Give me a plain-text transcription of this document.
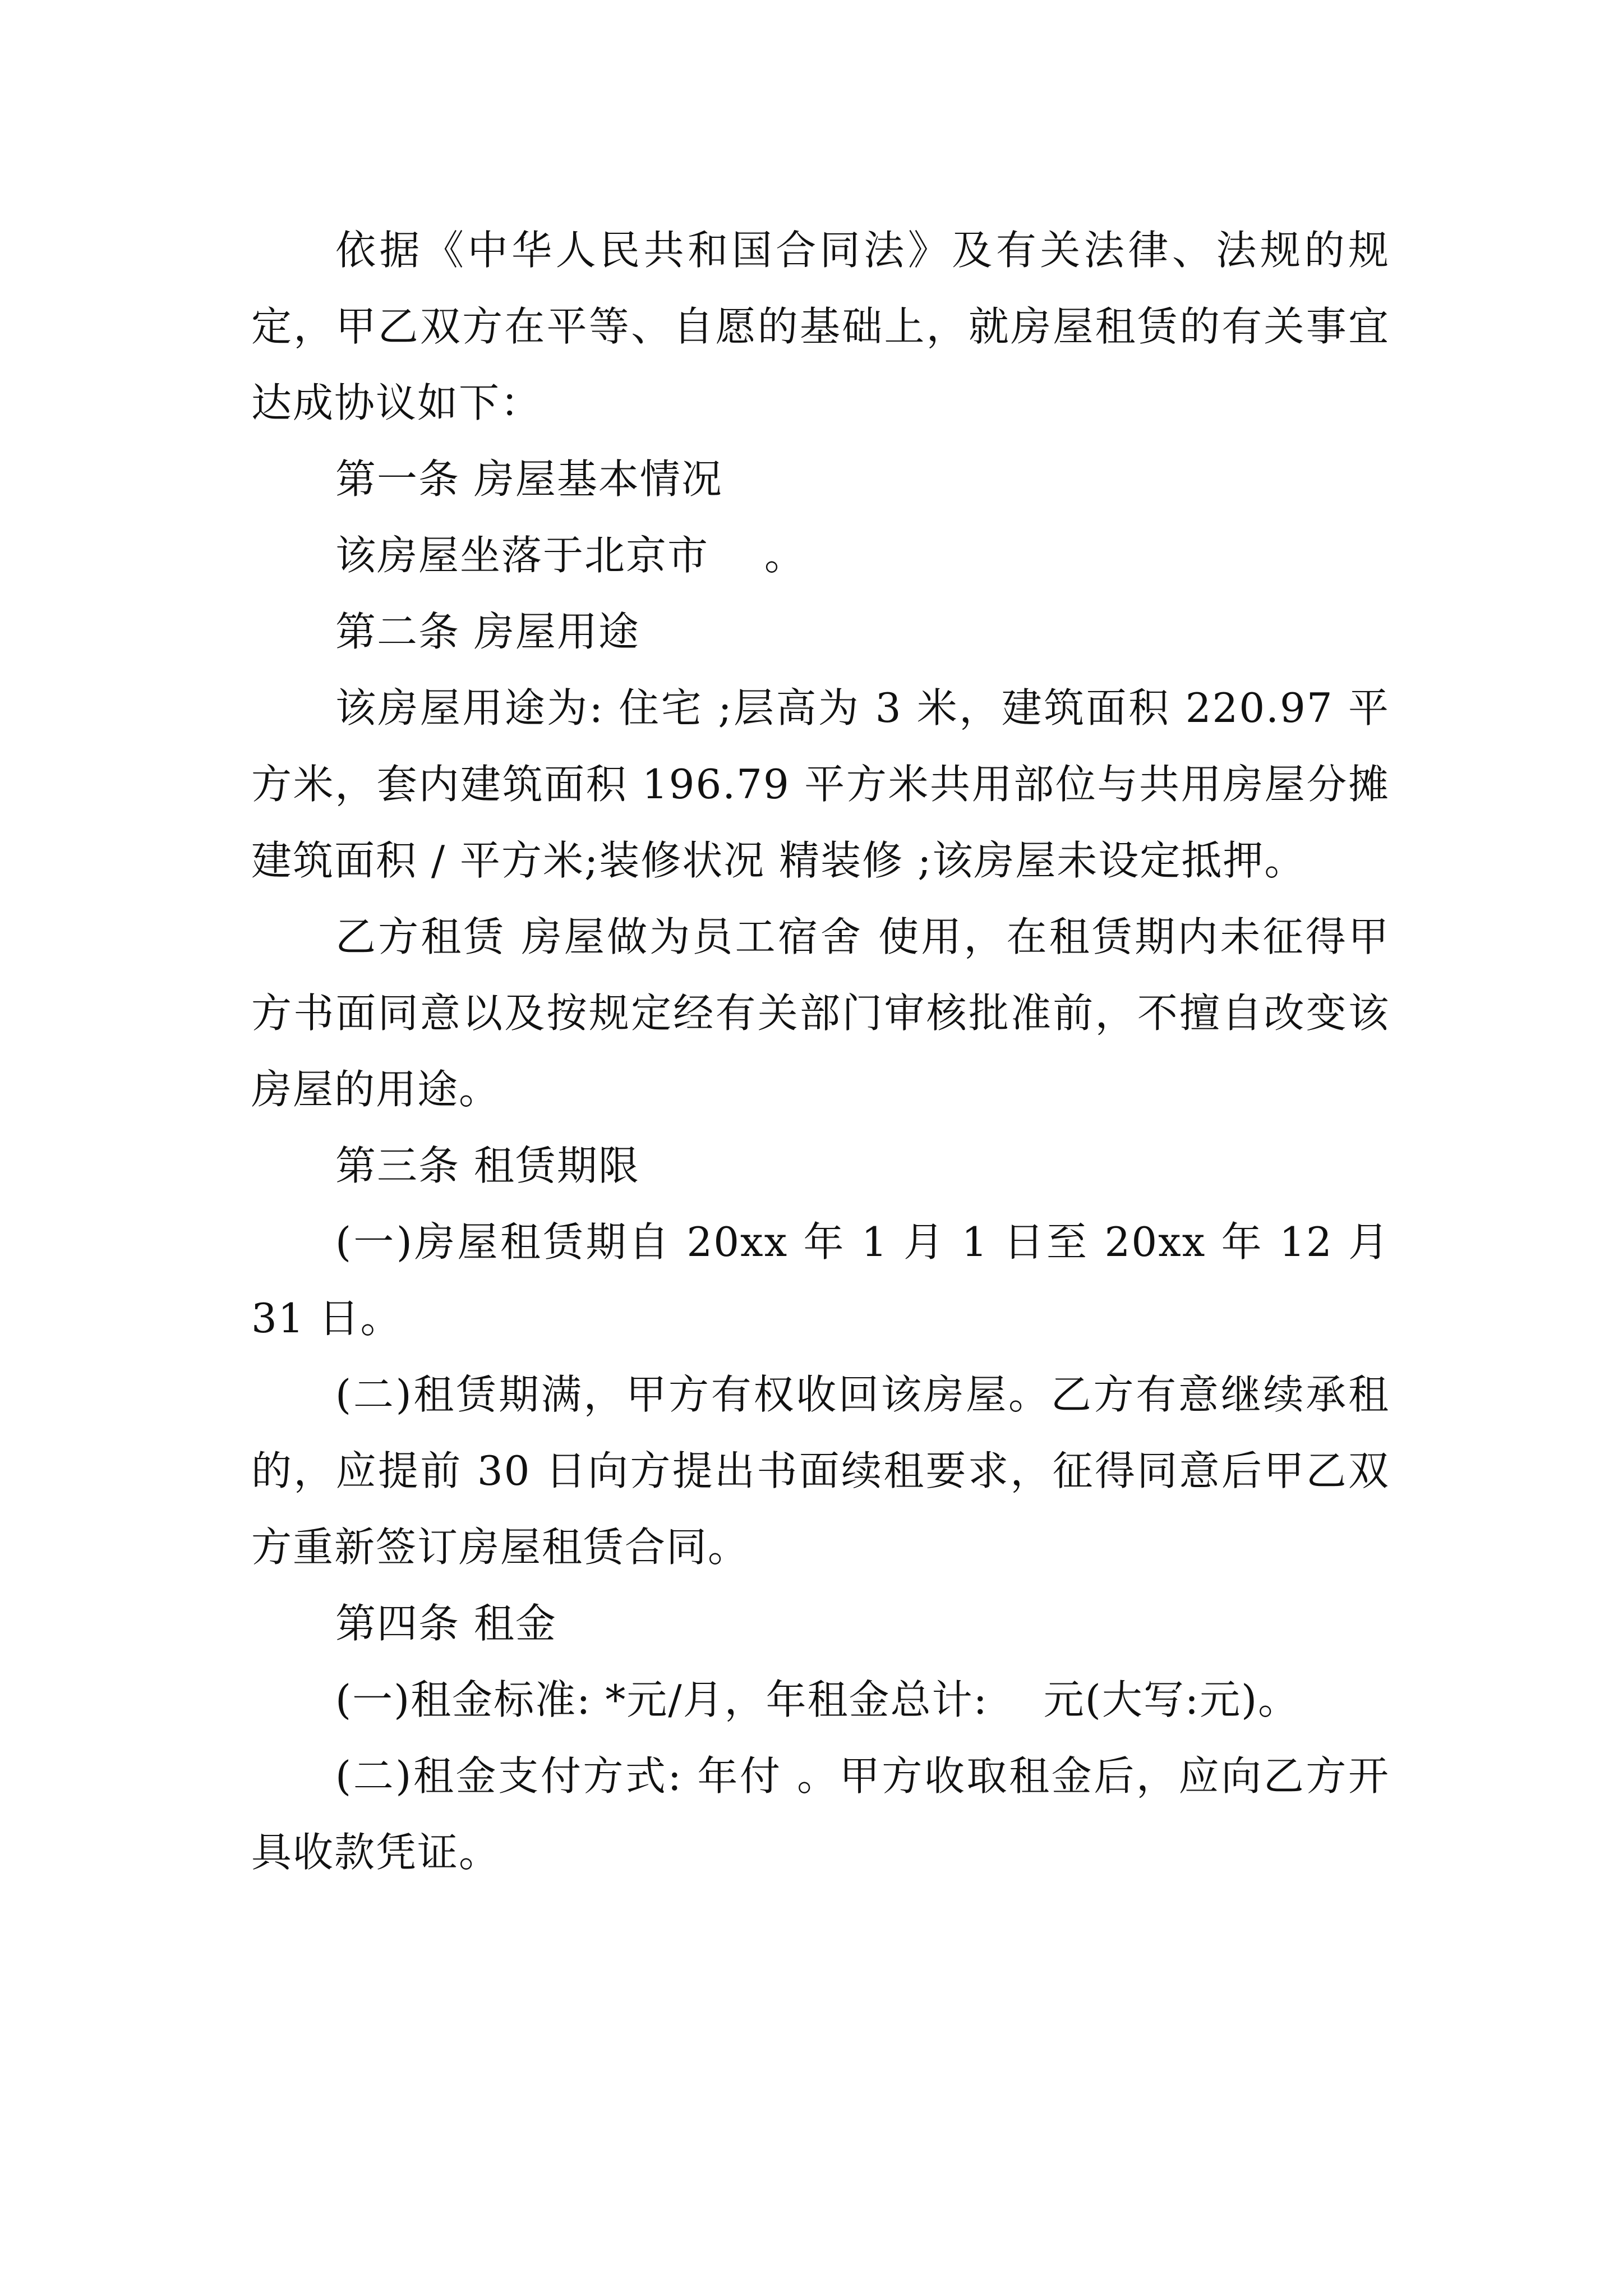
依据《中华人民共和国合同法》及有关法律、法规的规定，甲乙双方在平等、自愿的基础上，就房屋租赁的有关事宜达成协议如下：

第一条 房屋基本情况

该房屋坐落于北京市　 。

第二条 房屋用途

该房屋用途为: 住宅 ;层高为 3 米，建筑面积 220.97 平方米，套内建筑面积 196.79 平方米共用部位与共用房屋分摊建筑面积 / 平方米;装修状况 精装修 ;该房屋未设定抵押。

乙方租赁 房屋做为员工宿舍 使用，在租赁期内未征得甲方书面同意以及按规定经有关部门审核批准前，不擅自改变该房屋的用途。

第三条 租赁期限

(一)房屋租赁期自 20xx 年 1 月 1 日至 20xx 年 12 月 31 日。

(二)租赁期满，甲方有权收回该房屋。乙方有意继续承租的，应提前 30 日向方提出书面续租要求，征得同意后甲乙双方重新签订房屋租赁合同。

第四条 租金

(一)租金标准: *元/月，年租金总计:　 元(大写:元)。

(二)租金支付方式: 年付 。甲方收取租金后，应向乙方开具收款凭证。
